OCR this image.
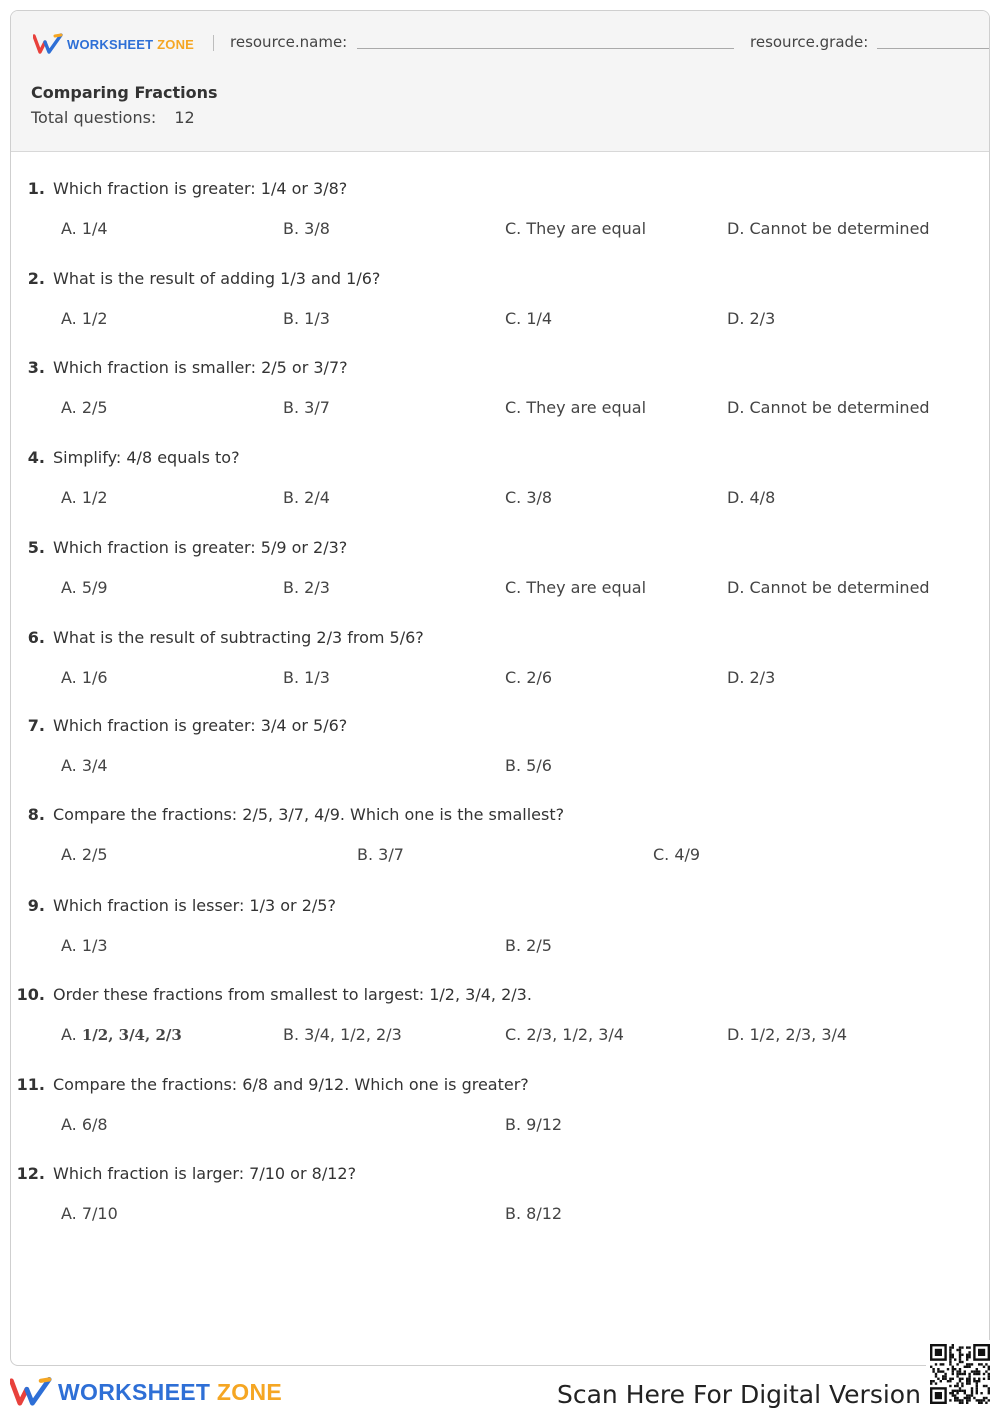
WORKSHEET ZONE resource.name:	resource.grade:
Comparing Fractions
Total questions: 12
1. Which fraction is greater: 1/4 or 3/8?
A. 1/4	B. 3/8	C. They are equal	D. Cannot be determined
2. What is the result of adding 1/3 and 1/6?
A. 1/2	B. 1/3	C. 1/4	D. 2/3
3. Which fraction is smaller: 2/5 or 3/7?
A. 2/5	B. 3/7	C. They are equal	D. Cannot be determined
4. Simplify: 4/8 equals to?
A. 1/2	B. 2/4	C. 3/8	D. 4/8
5. Which fraction is greater: 5/9 or 2/3?
A. 5/9	B. 2/3	C. They are equal	D. Cannot be determined
6. What is the result of subtracting 2/3 from 5/6?
A. 1/6	B. 1/3	C. 2/6	D. 2/3
7. Which fraction is greater: 3/4 or 5/6?
A. 3/4	B. 5/6
8. Compare the fractions: 2/5, 3/7, 4/9. Which one is the smallest?
A. 2/5	B. 3/7	C. 4/9
9. Which fraction is lesser: 1/3 or 2/5?
A. 1/3	B. 2/5
10. Order these fractions from smallest to largest: 1/2, 3/4, 2/3.
A. 1/2, 3/4, 2/3	B. 3/4, 1/2, 2/3	C. 2/3, 1/2, 3/4	D. 1/2, 2/3, 3/4
11. Compare the fractions: 6/8 and 9/12. Which one is greater?
A. 6/8	B. 9/12
12. Which fraction is larger: 7/10 or 8/12?
A. 7/10	B. 8/12
WORKSHEET ZONE	Scan Here For Digital Version
